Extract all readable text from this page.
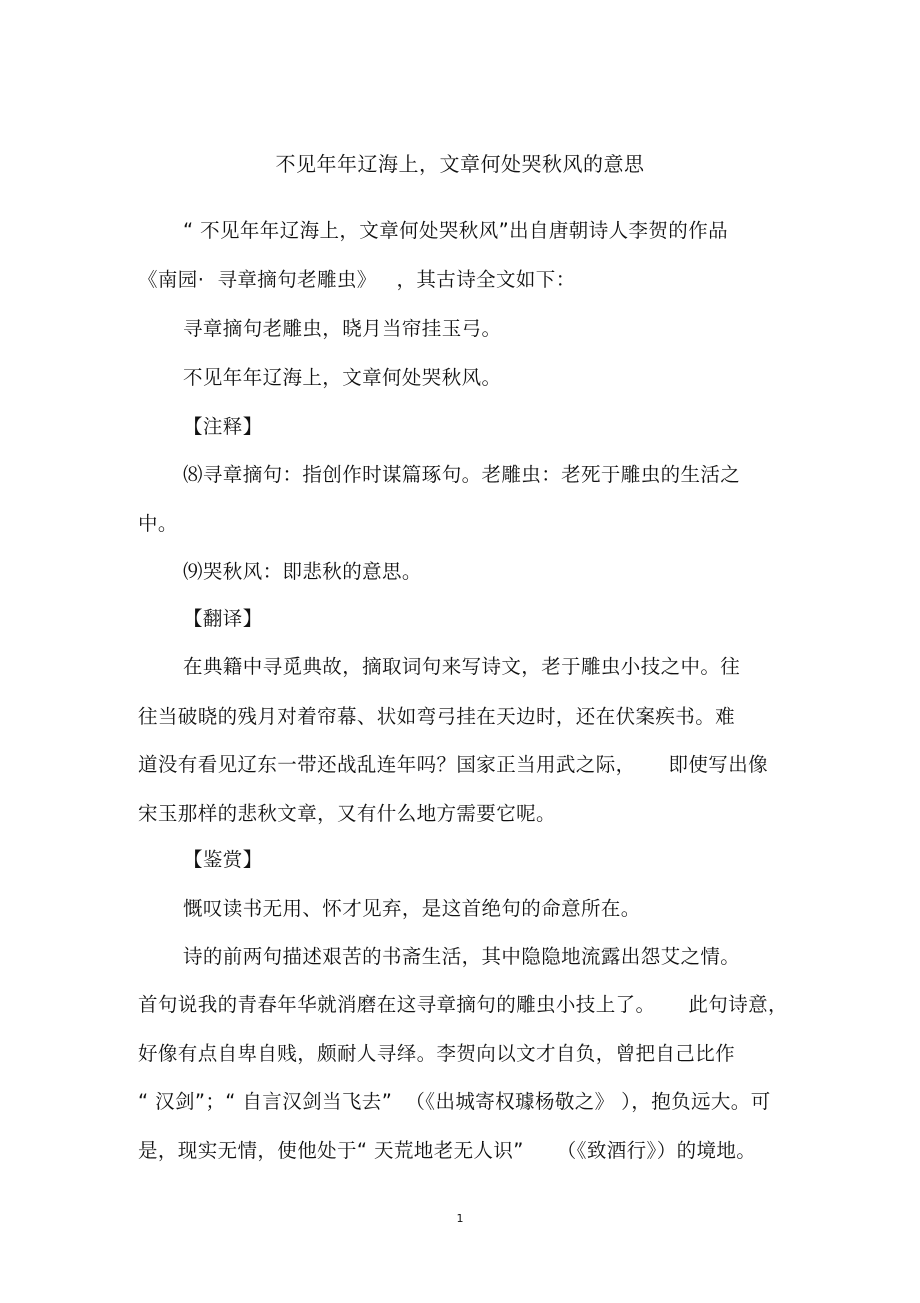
不见年年辽海上，文章何处哭秋风的意思
“ 不见年年辽海上，文章何处哭秋风”出自唐朝诗人李贺的作品
《南园·  寻章摘句老雕虫》   ，其古诗全文如下：
寻章摘句老雕虫，晓月当帘挂玉弓。
不见年年辽海上，文章何处哭秋风。
【注释】
⑻寻章摘句：指创作时谋篇琢句。老雕虫：老死于雕虫的生活之
中。
⑼哭秋风：即悲秋的意思。
【翻译】
在典籍中寻觅典故，摘取词句来写诗文，老于雕虫小技之中。往
往当破晓的残月对着帘幕、状如弯弓挂在天边时，还在伏案疾书。难
道没有看见辽东一带还战乱连年吗？国家正当用武之际，     即使写出像
宋玉那样的悲秋文章，又有什么地方需要它呢。
【鉴赏】
慨叹读书无用、怀才见弃，是这首绝句的命意所在。
诗的前两句描述艰苦的书斋生活，其中隐隐地流露出怨艾之情。
首句说我的青春年华就消磨在这寻章摘句的雕虫小技上了。     此句诗意，
好像有点自卑自贱，颇耐人寻绎。李贺向以文才自负，曾把自己比作
“ 汉剑”；“ 自言汉剑当飞去”  （《出城寄权璩杨敬之》 ），抱负远大。可
是，现实无情，使他处于“ 天荒地老无人识”     （《致酒行》）的境地。
1
